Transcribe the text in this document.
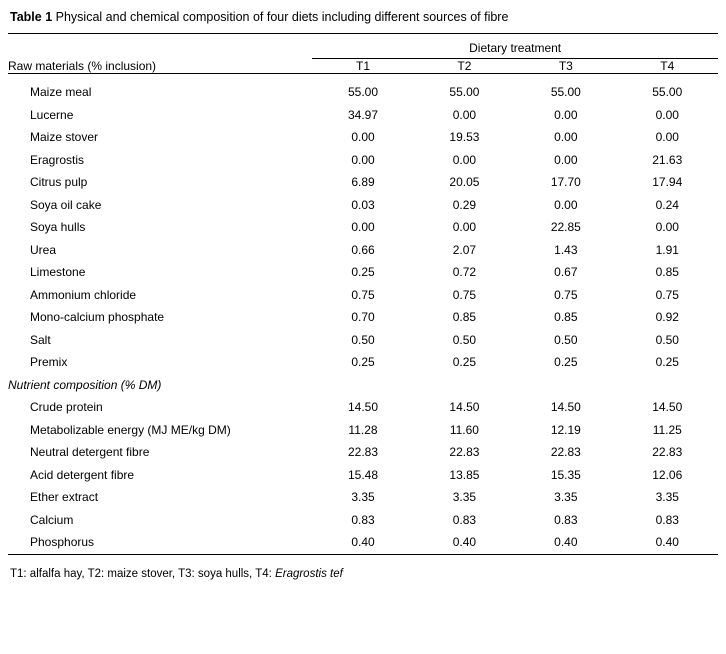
Table 1 Physical and chemical composition of four diets including different sources of fibre

	Dietary treatment			

Raw materials (% inclusion)	T1	T2	T3	T4

Maize meal	55.00	55.00	55.00	55.00
Lucerne	34.97	0.00	0.00	0.00
Maize stover	0.00	19.53	0.00	0.00
Eragrostis	0.00	0.00	0.00	21.63
Citrus pulp	6.89	20.05	17.70	17.94
Soya oil cake	0.03	0.29	0.00	0.24
Soya hulls	0.00	0.00	22.85	0.00
Urea	0.66	2.07	1.43	1.91
Limestone	0.25	0.72	0.67	0.85
Ammonium chloride	0.75	0.75	0.75	0.75
Mono-calcium phosphate	0.70	0.85	0.85	0.92
Salt	0.50	0.50	0.50	0.50
Premix	0.25	0.25	0.25	0.25
Nutrient composition (% DM)				
Crude protein	14.50	14.50	14.50	14.50
Metabolizable energy (MJ ME/kg DM)	11.28	11.60	12.19	11.25
Neutral detergent fibre	22.83	22.83	22.83	22.83
Acid detergent fibre	15.48	13.85	15.35	12.06
Ether extract	3.35	3.35	3.35	3.35
Calcium	0.83	0.83	0.83	0.83
Phosphorus	0.40	0.40	0.40	0.40

T1: alfalfa hay, T2: maize stover, T3: soya hulls, T4: Eragrostis tef
